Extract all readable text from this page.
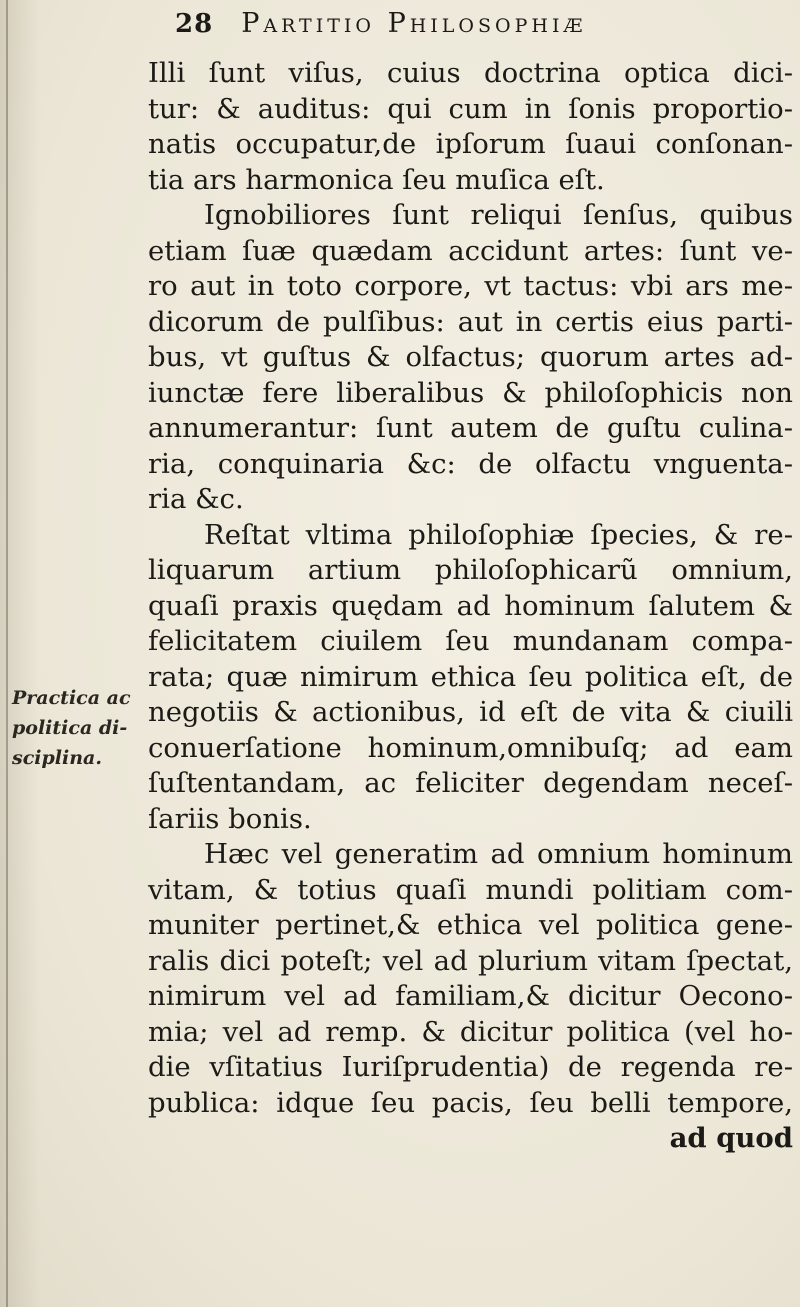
28 Partitio Philosophiæ
Practica ac
politica di-
sciplina.
Illi ſunt viſus, cuius doctrina optica dici-
tur: & auditus: qui cum in ſonis proportio-
natis occupatur,de ipſorum ſuaui conſonan-
tia ars harmonica ſeu muſica eſt.
Ignobiliores ſunt reliqui ſenſus, quibus
etiam ſuæ quædam accidunt artes: ſunt ve-
ro aut in toto corpore, vt tactus: vbi ars me-
dicorum de pulſibus: aut in certis eius parti-
bus, vt guſtus & olfactus; quorum artes ad-
iunctæ fere liberalibus & philoſophicis non
annumerantur: ſunt autem de guſtu culina-
ria, conquinaria &c: de olfactu vnguenta-
ria &c.
Reſtat vltima philoſophiæ ſpecies, & re-
liquarum artium philoſophicarũ omnium,
quaſi praxis quędam ad hominum ſalutem &
felicitatem ciuilem ſeu mundanam compa-
rata; quæ nimirum ethica ſeu politica eſt, de
negotiis & actionibus, id eſt de vita & ciuili
conuerſatione hominum,omnibuſq; ad eam
ſuſtentandam, ac feliciter degendam neceſ-
ſariis bonis.
Hæc vel generatim ad omnium hominum
vitam, & totius quaſi mundi politiam com-
muniter pertinet,& ethica vel politica gene-
ralis dici poteſt; vel ad plurium vitam ſpectat,
nimirum vel ad familiam,& dicitur Oecono-
mia; vel ad remp. & dicitur politica (vel ho-
die vſitatius Iuriſprudentia) de regenda re-
publica: idque ſeu pacis, ſeu belli tempore,
ad quod
